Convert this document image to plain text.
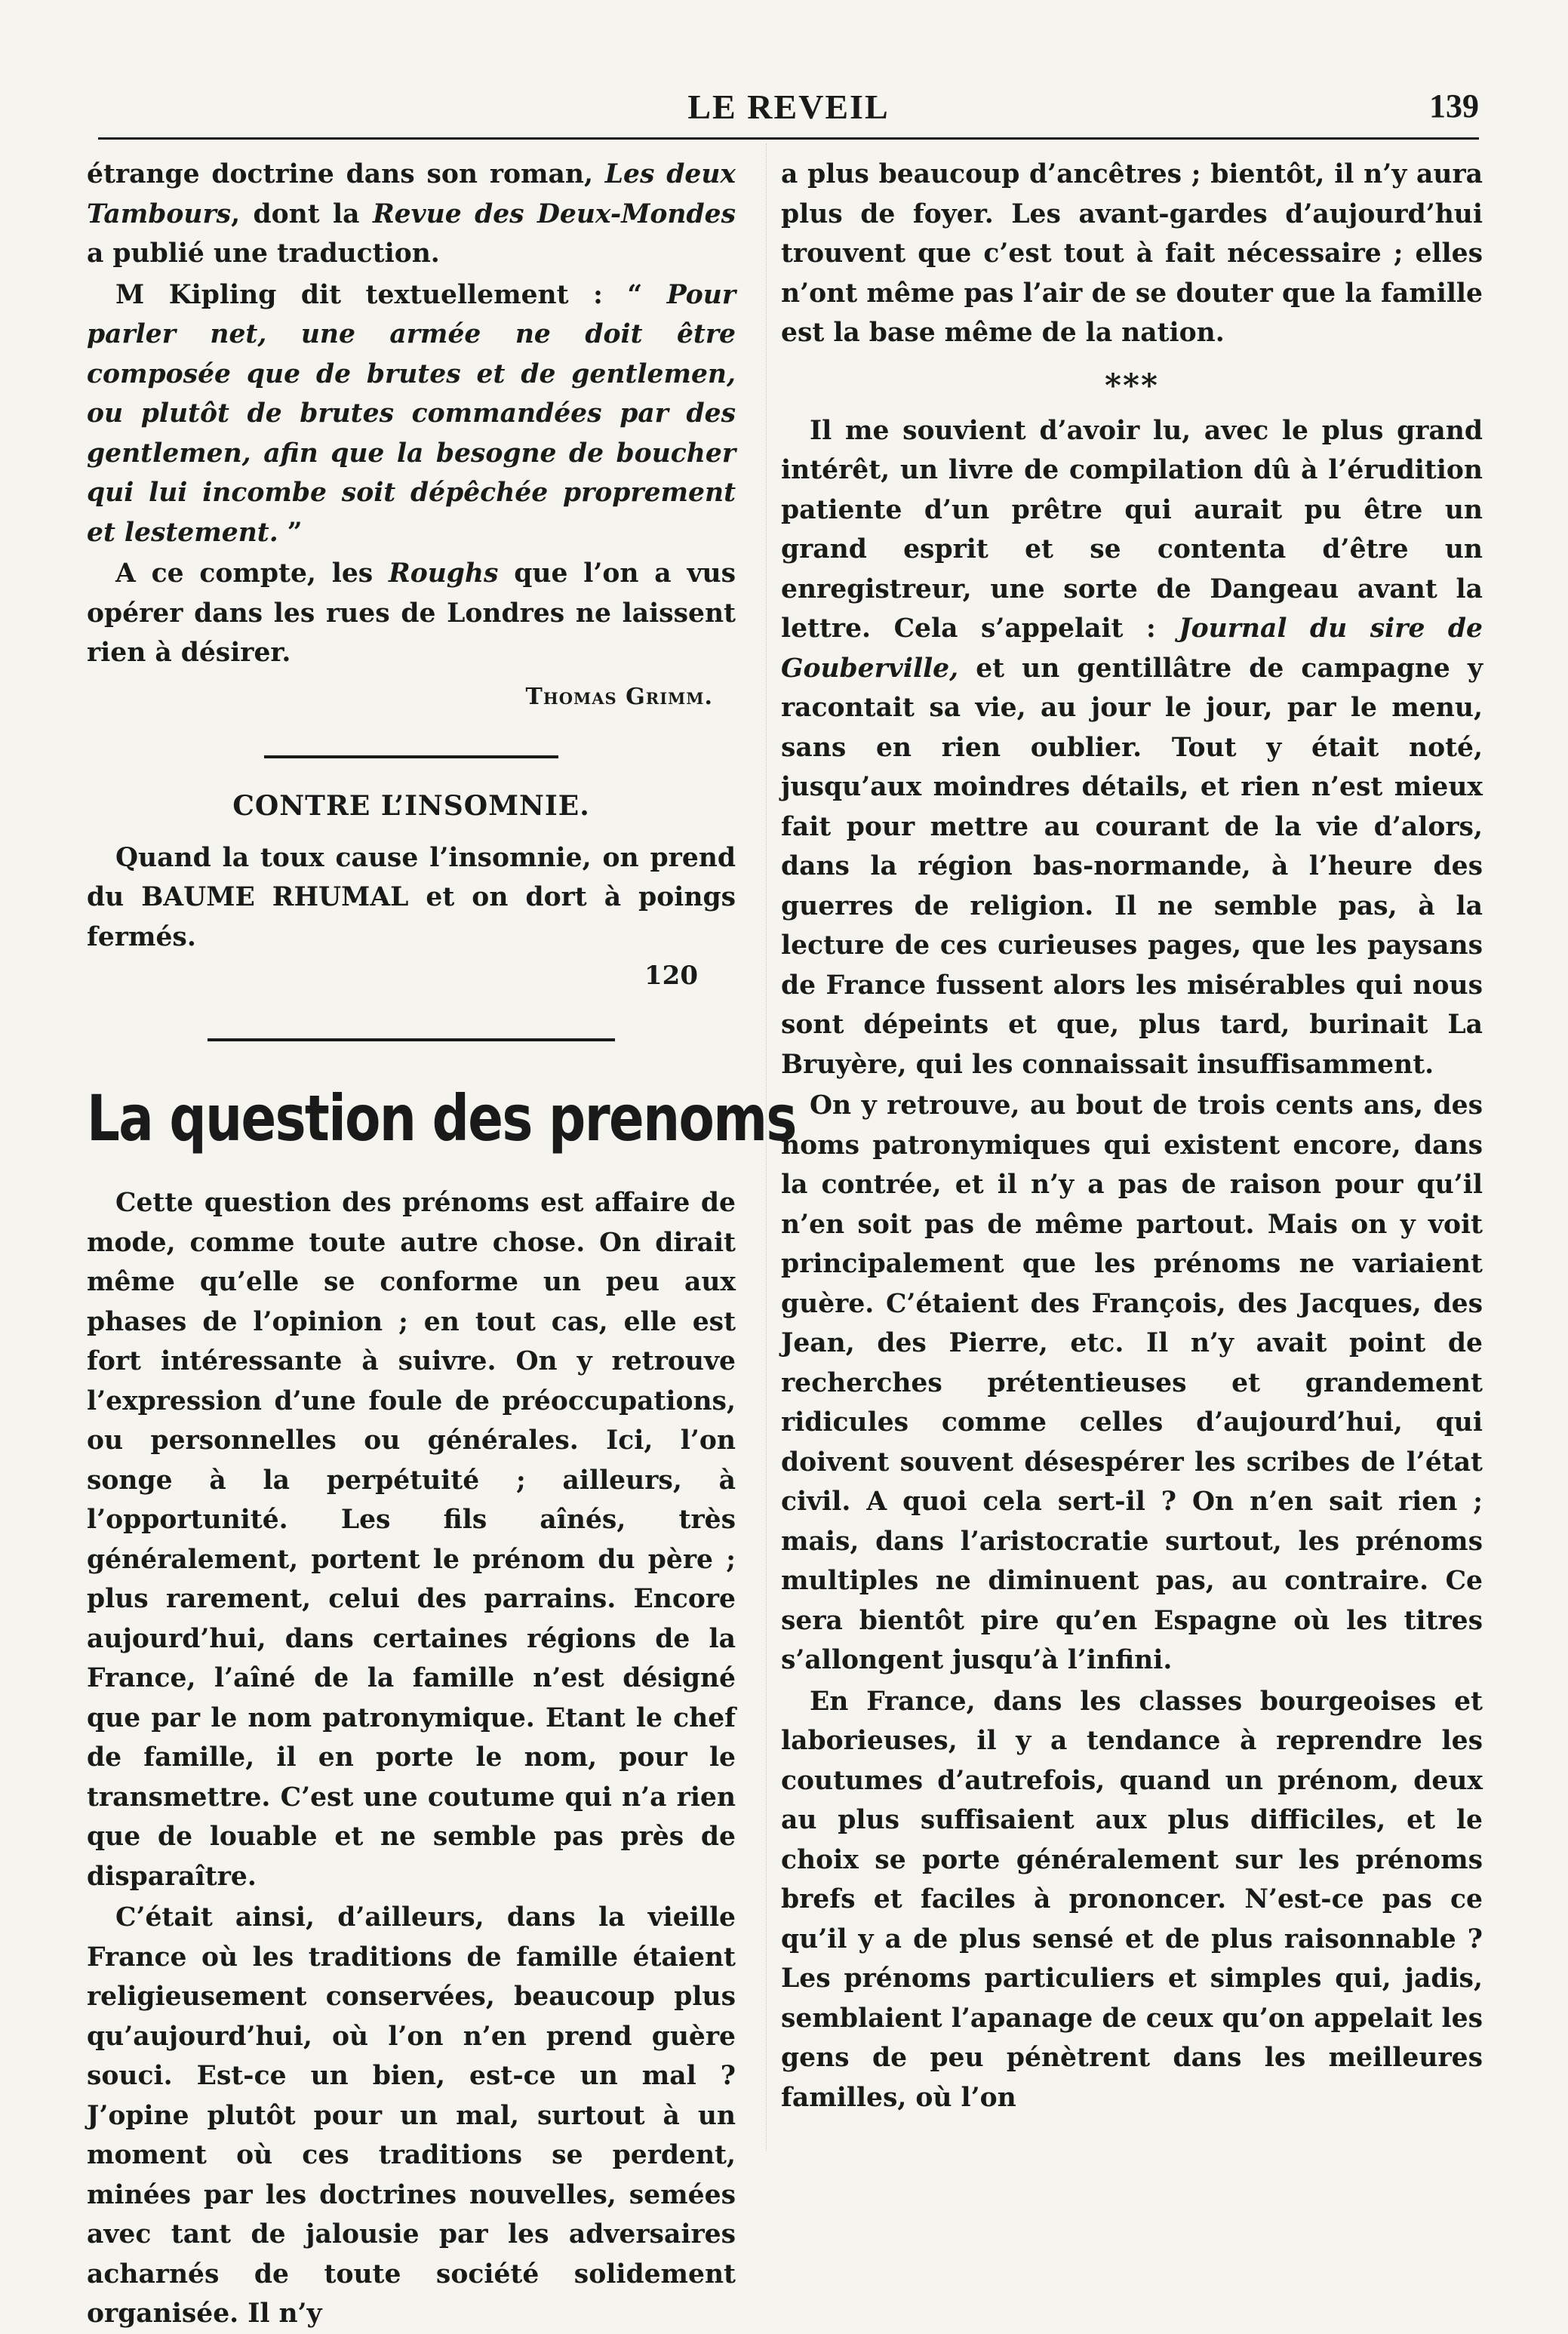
LE REVEIL	139

étrange doctrine dans son roman, Les deux Tambours, dont la Revue des Deux-Mondes a publié une traduction.

M Kipling dit textuellement : “ Pour parler net, une armée ne doit être composée que de brutes et de gentlemen, ou plutôt de brutes commandées par des gentlemen, afin que la besogne de boucher qui lui incombe soit dépêchée proprement et lestement. ”

A ce compte, les Roughs que l’on a vus opérer dans les rues de Londres ne laissent rien à désirer.

Thomas Grimm.
CONTRE L’INSOMNIE.

Quand la toux cause l’insomnie, on prend du BAUME RHUMAL et on dort à poings fermés.

120
La question des prenoms

Cette question des prénoms est affaire de mode, comme toute autre chose. On dirait même qu’elle se conforme un peu aux phases de l’opinion ; en tout cas, elle est fort intéressante à suivre. On y retrouve l’expression d’une foule de préoccupations, ou personnelles ou générales. Ici, l’on songe à la perpétuité ; ailleurs, à l’opportunité. Les fils aînés, très généralement, portent le prénom du père ; plus rarement, celui des parrains. Encore aujourd’hui, dans certaines régions de la France, l’aîné de la famille n’est désigné que par le nom patronymique. Etant le chef de famille, il en porte le nom, pour le transmettre. C’est une coutume qui n’a rien que de louable et ne semble pas près de disparaître.

C’était ainsi, d’ailleurs, dans la vieille France où les traditions de famille étaient religieusement conservées, beaucoup plus qu’aujourd’hui, où l’on n’en prend guère souci. Est-ce un bien, est-ce un mal ? J’opine plutôt pour un mal, surtout à un moment où ces traditions se perdent, minées par les doctrines nouvelles, semées avec tant de jalousie par les adversaires acharnés de toute société solidement organisée. Il n’y

a plus beaucoup d’ancêtres ; bientôt, il n’y aura plus de foyer. Les avant-gardes d’aujourd’hui trouvent que c’est tout à fait nécessaire ; elles n’ont même pas l’air de se douter que la famille est la base même de la nation.

***

Il me souvient d’avoir lu, avec le plus grand intérêt, un livre de compilation dû à l’érudition patiente d’un prêtre qui aurait pu être un grand esprit et se contenta d’être un enregistreur, une sorte de Dangeau avant la lettre. Cela s’appelait : Journal du sire de Gouberville, et un gentillâtre de campagne y racontait sa vie, au jour le jour, par le menu, sans en rien oublier. Tout y était noté, jusqu’aux moindres détails, et rien n’est mieux fait pour mettre au courant de la vie d’alors, dans la région bas-normande, à l’heure des guerres de religion. Il ne semble pas, à la lecture de ces curieuses pages, que les paysans de France fussent alors les misérables qui nous sont dépeints et que, plus tard, burinait La Bruyère, qui les connaissait insuffisamment.

On y retrouve, au bout de trois cents ans, des noms patronymiques qui existent encore, dans la contrée, et il n’y a pas de raison pour qu’il n’en soit pas de même partout. Mais on y voit principalement que les prénoms ne variaient guère. C’étaient des François, des Jacques, des Jean, des Pierre, etc. Il n’y avait point de recherches prétentieuses et grandement ridicules comme celles d’aujourd’hui, qui doivent souvent désespérer les scribes de l’état civil. A quoi cela sert-il ? On n’en sait rien ; mais, dans l’aristocratie surtout, les prénoms multiples ne diminuent pas, au contraire. Ce sera bientôt pire qu’en Espagne où les titres s’allongent jusqu’à l’infini.

En France, dans les classes bourgeoises et laborieuses, il y a tendance à reprendre les coutumes d’autrefois, quand un prénom, deux au plus suffisaient aux plus difficiles, et le choix se porte généralement sur les prénoms brefs et faciles à prononcer. N’est-ce pas ce qu’il y a de plus sensé et de plus raisonnable ? Les prénoms particuliers et simples qui, jadis, semblaient l’apanage de ceux qu’on appelait les gens de peu pénètrent dans les meilleures familles, où l’on
